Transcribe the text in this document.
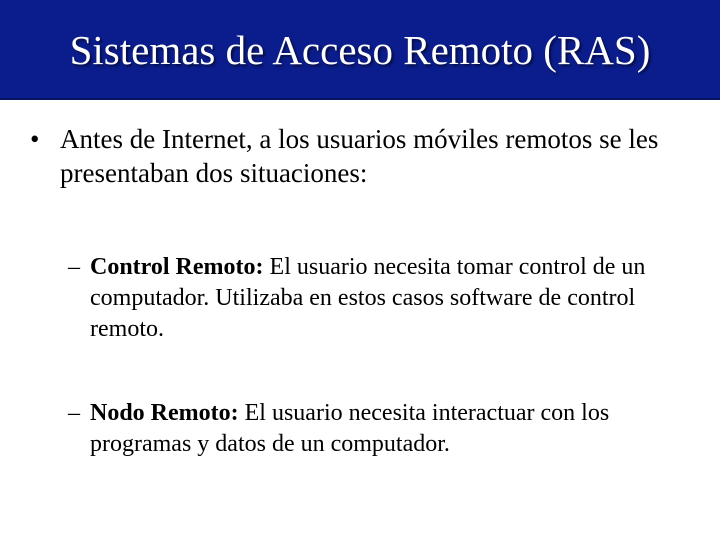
Sistemas de Acceso Remoto (RAS)
• Antes de Internet, a los usuarios móviles remotos se les presentaban dos situaciones:
– Control Remoto: El usuario necesita tomar control de un computador. Utilizaba en estos casos software de control remoto.
– Nodo Remoto: El usuario necesita interactuar con los programas y datos de un computador.
